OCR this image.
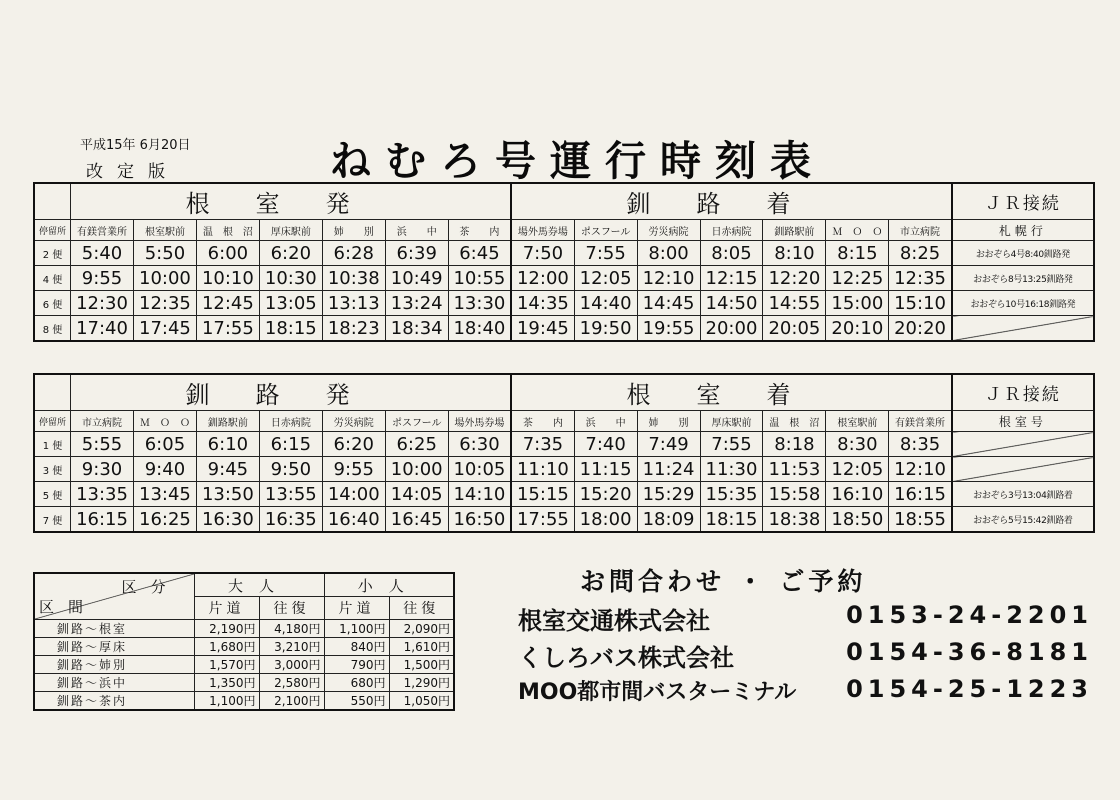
平成15年 6月20日
改定版	ねむろ号運行時刻表
	根室発							釧路着							ＪＲ接続
停留所	有鎂営業所	根室駅前	温　根　沼	厚床駅前	姉　　別	浜　　中	茶　　内	場外馬券場	ポスフール	労災病院	日赤病院	釧路駅前	Ｍ　Ｏ　Ｏ	市立病院	札幌行
2 便	5:40	5:50	6:00	6:20	6:28	6:39	6:45	7:50	7:55	8:00	8:05	8:10	8:15	8:25	おおぞら4号8:40釧路発
4 便	9:55	10:00	10:10	10:30	10:38	10:49	10:55	12:00	12:05	12:10	12:15	12:20	12:25	12:35	おおぞら8号13:25釧路発
6 便	12:30	12:35	12:45	13:05	13:13	13:24	13:30	14:35	14:40	14:45	14:50	14:55	15:00	15:10	おおぞら10号16:18釧路発
8 便	17:40	17:45	17:55	18:15	18:23	18:34	18:40	19:45	19:50	19:55	20:00	20:05	20:10	20:20	
	釧路発							根室着							ＪＲ接続
停留所	市立病院	Ｍ　Ｏ　Ｏ	釧路駅前	日赤病院	労災病院	ポスフール	場外馬券場	茶　　内	浜　　中	姉　　別	厚床駅前	温　根　沼	根室駅前	有鎂営業所	根室号
1 便	5:55	6:05	6:10	6:15	6:20	6:25	6:30	7:35	7:40	7:49	7:55	8:18	8:30	8:35	
3 便	9:30	9:40	9:45	9:50	9:55	10:00	10:05	11:10	11:15	11:24	11:30	11:53	12:05	12:10	
5 便	13:35	13:45	13:50	13:55	14:00	14:05	14:10	15:15	15:20	15:29	15:35	15:58	16:10	16:15	おおぞら3号13:04釧路着
7 便	16:15	16:25	16:30	16:35	16:40	16:45	16:50	17:55	18:00	18:09	18:15	18:38	18:50	18:55	おおぞら5号15:42釧路着
区分
区間	大人		小人	
	片道	往復	片道	往復
釧路～根室	2,190円	4,180円	1,100円	2,090円
釧路～厚床	1,680円	3,210円	840円	1,610円
釧路～姉別	1,570円	3,000円	790円	1,500円
釧路～浜中	1,350円	2,580円	680円	1,290円
釧路～茶内	1,100円	2,100円	550円	1,050円
お問合わせ ・ ご予約
根室交通株式会社	0153-24-2201
くしろバス株式会社	0154-36-8181
MOO都市間バスターミナル 0154-25-1223
